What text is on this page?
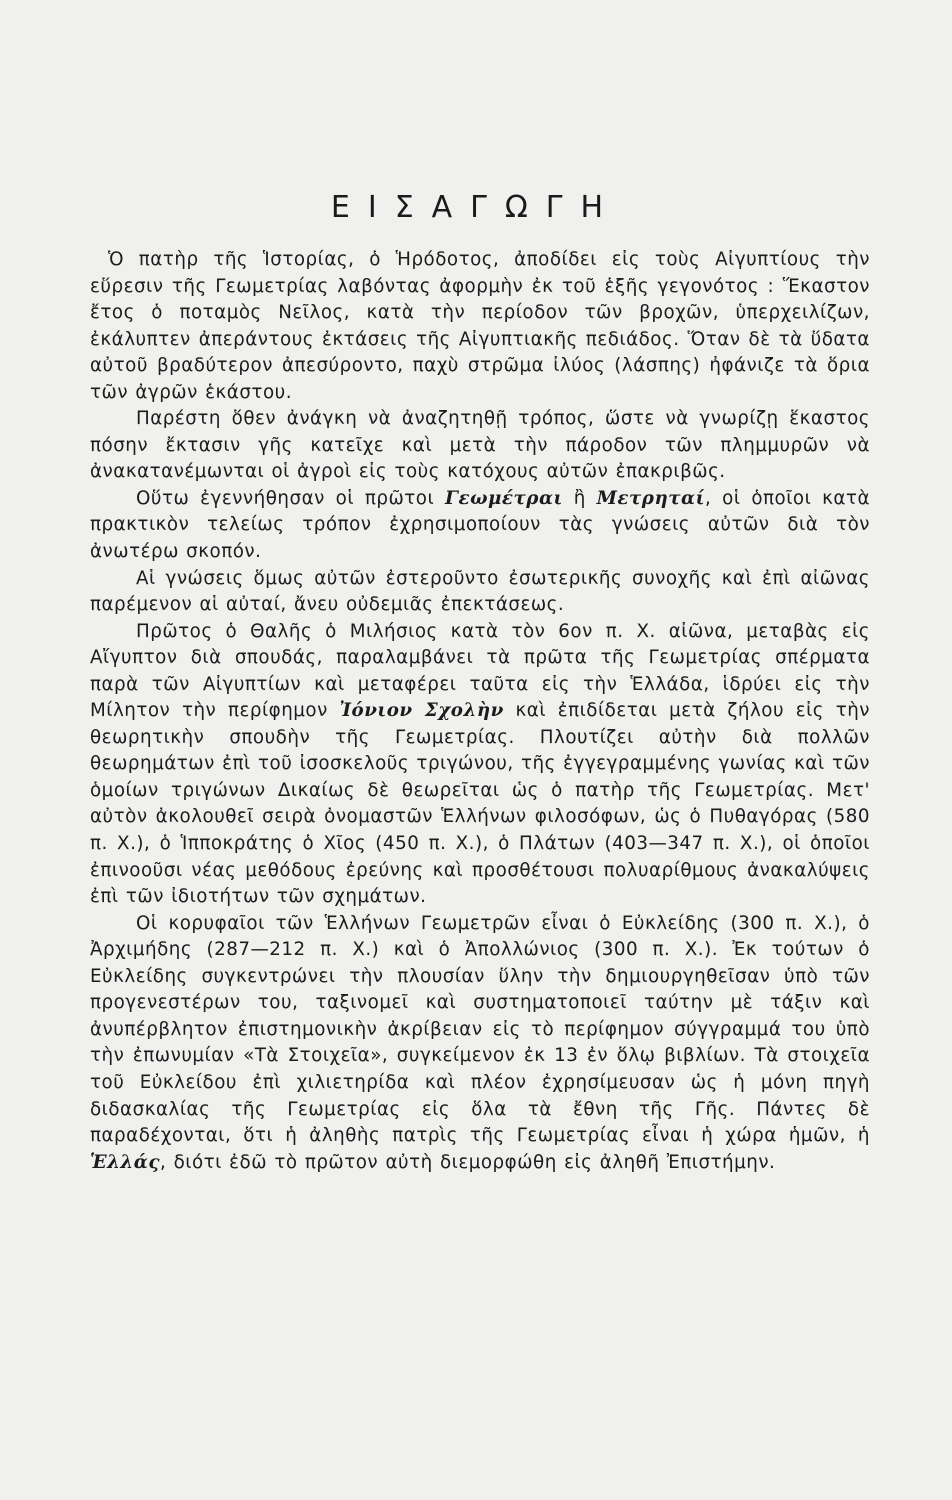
ΕΙΣΑΓΩΓΗ

Ὁ πατὴρ τῆς Ἱστορίας, ὁ Ἡρόδοτος, ἀποδίδει εἰς τοὺς Αἰγυπτίους τὴν εὕρεσιν τῆς Γεωμετρίας λαβόντας ἀφορμὴν ἐκ τοῦ ἑξῆς γεγονότος : Ἕκαστον ἔτος ὁ ποταμὸς Νεῖλος, κατὰ τὴν περίοδον τῶν βροχῶν, ὑπερχειλίζων, ἐκάλυπτεν ἀπεράντους ἐκτάσεις τῆς Αἰγυπτιακῆς πεδιάδος. Ὅταν δὲ τὰ ὕδατα αὐτοῦ βραδύτερον ἀπεσύροντο, παχὺ στρῶμα ἰλύος (λάσπης) ἠφάνιζε τὰ ὅρια τῶν ἀγρῶν ἑκάστου.

Παρέστη ὅθεν ἀνάγκη νὰ ἀναζητηθῇ τρόπος, ὥστε νὰ γνωρίζῃ ἕκαστος πόσην ἔκτασιν γῆς κατεῖχε καὶ μετὰ τὴν πάροδον τῶν πλημμυρῶν νὰ ἀνακατανέμωνται οἱ ἀγροὶ εἰς τοὺς κατόχους αὐτῶν ἐπακριβῶς.

Οὕτω ἐγεννήθησαν οἱ πρῶτοι Γεωμέτραι ἢ Μετρηταί, οἱ ὁποῖοι κατὰ πρακτικὸν τελείως τρόπον ἐχρησιμοποίουν τὰς γνώσεις αὐτῶν διὰ τὸν ἀνωτέρω σκοπόν.

Αἱ γνώσεις ὅμως αὐτῶν ἐστεροῦντο ἐσωτερικῆς συνοχῆς καὶ ἐπὶ αἰῶνας παρέμενον αἱ αὐταί, ἄνευ οὐδεμιᾶς ἐπεκτάσεως.

Πρῶτος ὁ Θαλῆς ὁ Μιλήσιος κατὰ τὸν 6ον π. Χ. αἰῶνα, μεταβὰς εἰς Αἴγυπτον διὰ σπουδάς, παραλαμβάνει τὰ πρῶτα τῆς Γεωμετρίας σπέρματα παρὰ τῶν Αἰγυπτίων καὶ μεταφέρει ταῦτα εἰς τὴν Ἑλλάδα, ἱδρύει εἰς τὴν Μίλητον τὴν περίφημον Ἰόνιον Σχολὴν καὶ ἐπιδίδεται μετὰ ζήλου εἰς τὴν θεωρητικὴν σπουδὴν τῆς Γεωμετρίας. Πλουτίζει αὐτὴν διὰ πολλῶν θεωρημάτων ἐπὶ τοῦ ἰσοσκελοῦς τριγώνου, τῆς ἐγγεγραμμένης γωνίας καὶ τῶν ὁμοίων τριγώνων Δικαίως δὲ θεωρεῖται ὡς ὁ πατὴρ τῆς Γεωμετρίας. Μετ' αὐτὸν ἀκολουθεῖ σειρὰ ὀνομαστῶν Ἑλλήνων φιλοσόφων, ὡς ὁ Πυθαγόρας (580 π. Χ.), ὁ Ἱπποκράτης ὁ Χῖος (450 π. Χ.), ὁ Πλάτων (403—347 π. Χ.), οἱ ὁποῖοι ἐπινοοῦσι νέας μεθόδους ἐρεύνης καὶ προσθέτουσι πολυαρίθμους ἀνακαλύψεις ἐπὶ τῶν ἰδιοτήτων τῶν σχημάτων.

Οἱ κορυφαῖοι τῶν Ἑλλήνων Γεωμετρῶν εἶναι ὁ Εὐκλείδης (300 π. Χ.), ὁ Ἀρχιμήδης (287—212 π. Χ.) καὶ ὁ Ἀπολλώνιος (300 π. Χ.). Ἐκ τούτων ὁ Εὐκλείδης συγκεντρώνει τὴν πλουσίαν ὕλην τὴν δημιουργηθεῖσαν ὑπὸ τῶν προγενεστέρων του, ταξινομεῖ καὶ συστηματοποιεῖ ταύτην μὲ τάξιν καὶ ἀνυπέρβλητον ἐπιστημονικὴν ἀκρίβειαν εἰς τὸ περίφημον σύγγραμμά του ὑπὸ τὴν ἐπωνυμίαν «Τὰ Στοιχεῖα», συγκείμενον ἐκ 13 ἐν ὅλῳ βιβλίων. Τὰ στοιχεῖα τοῦ Εὐκλείδου ἐπὶ χιλιετηρίδα καὶ πλέον ἐχρησίμευσαν ὡς ἡ μόνη πηγὴ διδασκαλίας τῆς Γεωμετρίας εἰς ὅλα τὰ ἔθνη τῆς Γῆς. Πάντες δὲ παραδέχονται, ὅτι ἡ ἀληθὴς πατρὶς τῆς Γεωμετρίας εἶναι ἡ χώρα ἡμῶν, ἡ Ἑλλάς, διότι ἐδῶ τὸ πρῶτον αὐτὴ διεμορφώθη εἰς ἀληθῆ Ἐπιστήμην.
